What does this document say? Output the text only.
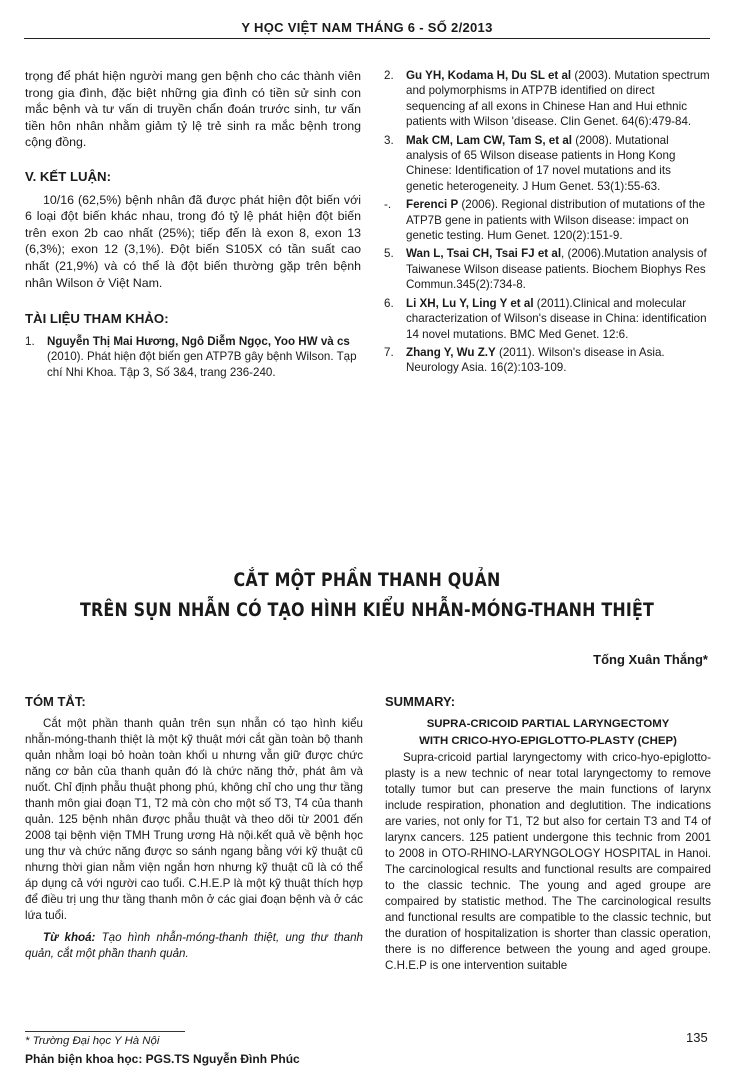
Y HỌC VIỆT NAM THÁNG 6 - SỐ 2/2013

trọng để phát hiện người mang gen bệnh cho các thành viên trong gia đình, đặc biệt những gia đình có tiền sử sinh con mắc bệnh và tư vấn di truyền chẩn đoán trước sinh, tư vấn tiền hôn nhân nhằm giảm tỷ lệ trẻ sinh ra mắc bệnh trong cộng đồng.

V. KẾT LUẬN:

10/16 (62,5%) bệnh nhân đã được phát hiện đột biến với 6 loại đột biến khác nhau, trong đó tỷ lệ phát hiện đột biến trên exon 2b cao nhất (25%); tiếp đến là exon 8, exon 13 (6,3%); exon 12 (3,1%). Đột biến S105X có tần suất cao nhất (21,9%) và có thể là đột biến thường gặp trên bệnh nhân Wilson ở Việt Nam.

TÀI LIỆU THAM KHẢO:
1. Nguyễn Thị Mai Hương, Ngô Diễm Ngọc, Yoo HW và cs (2010). Phát hiện đột biến gen ATP7B gây bệnh Wilson. Tạp chí Nhi Khoa. Tập 3, Số 3&4, trang 236-240.
2. Gu YH, Kodama H, Du SL et al (2003). Mutation spectrum and polymorphisms in ATP7B identified on direct sequencing af all exons in Chinese Han and Hui ethnic patients with Wilson 'disease. Clin Genet. 64(6):479-84.
3. Mak CM, Lam CW, Tam S, et al (2008). Mutational analysis of 65 Wilson disease patients in Hong Kong Chinese: Identification of 17 novel mutations and its genetic heterogeneity. J Hum Genet. 53(1):55-63.
-. Ferenci P (2006). Regional distribution of mutations of the ATP7B gene in patients with Wilson disease: impact on genetic testing. Hum Genet. 120(2):151-9.
5. Wan L, Tsai CH, Tsai FJ et al, (2006).Mutation analysis of Taiwanese Wilson disease patients. Biochem Biophys Res Commun.345(2):734-8.
6. Li XH, Lu Y, Ling Y et al (2011).Clinical and molecular characterization of Wilson's disease in China: identification 14 novel mutations. BMC Med Genet. 12:6.
7. Zhang Y, Wu Z.Y (2011). Wilson's disease in Asia. Neurology Asia. 16(2):103-109.
CẮT MỘT PHẦN THANH QUẢN
TRÊN SỤN NHẪN CÓ TẠO HÌNH KIỂU NHẪN-MÓNG-THANH THIỆT
Tống Xuân Thắng*
TÓM TẮT:

Cắt một phần thanh quản trên sụn nhẫn có tạo hình kiểu nhẫn-móng-thanh thiệt là một kỹ thuật mới cắt gần toàn bộ thanh quản nhằm loại bỏ hoàn toàn khối u nhưng vẫn giữ được chức năng cơ bản của thanh quản đó là chức năng thở, phát âm và nuốt. Chỉ định phẫu thuật phong phú, không chỉ cho ung thư tầng thanh môn giai đoạn T1, T2 mà còn cho một số T3, T4 của thanh quản. 125 bệnh nhân được phẫu thuật và theo dõi từ 2001 đến 2008 tại bệnh viện TMH Trung ương Hà nội.kết quả về bệnh học ung thư và chức năng được so sánh ngang bằng với kỹ thuật cũ nhưng thời gian nằm viện ngắn hơn nhưng kỹ thuật cũ là có thể áp dụng cả với người cao tuổi. C.H.E.P là một kỹ thuật thích hợp để điều trị ung thư tầng thanh môn ở các giai đoạn bệnh và ở các lứa tuổi.

Từ khoá: Tạo hình nhẫn-móng-thanh thiệt, ung thư thanh quản, cắt một phần thanh quản.

SUMMARY:
SUPRA-CRICOID PARTIAL LARYNGECTOMY
WITH CRICO-HYO-EPIGLOTTO-PLASTY (CHEP)

Supra-cricoid partial laryngectomy with crico-hyo-epiglotto-plasty is a new technic of near total laryngectomy to remove totally tumor but can preserve the main functions of larynx include respiration, phonation and deglutition. The indications are varies, not only for T1, T2 but also for certain T3 and T4 of larynx cancers. 125 patient undergone this technic from 2001 to 2008 in OTO-RHINO-LARYNGOLOGY HOSPITAL in Hanoi. The carcinological results and functional results are compaired to the classic technic. The young and aged groupe are compaired by statistic method. The The carcinological results and functional results are compatible to the classic technic, but the duration of hospitalization is shorter than classic operation, there is no difference between the young and aged groupe. C.H.E.P is one intervention suitable

* Trường Đại học Y Hà Nội
Phản biện khoa học: PGS.TS Nguyễn Đình Phúc
135
